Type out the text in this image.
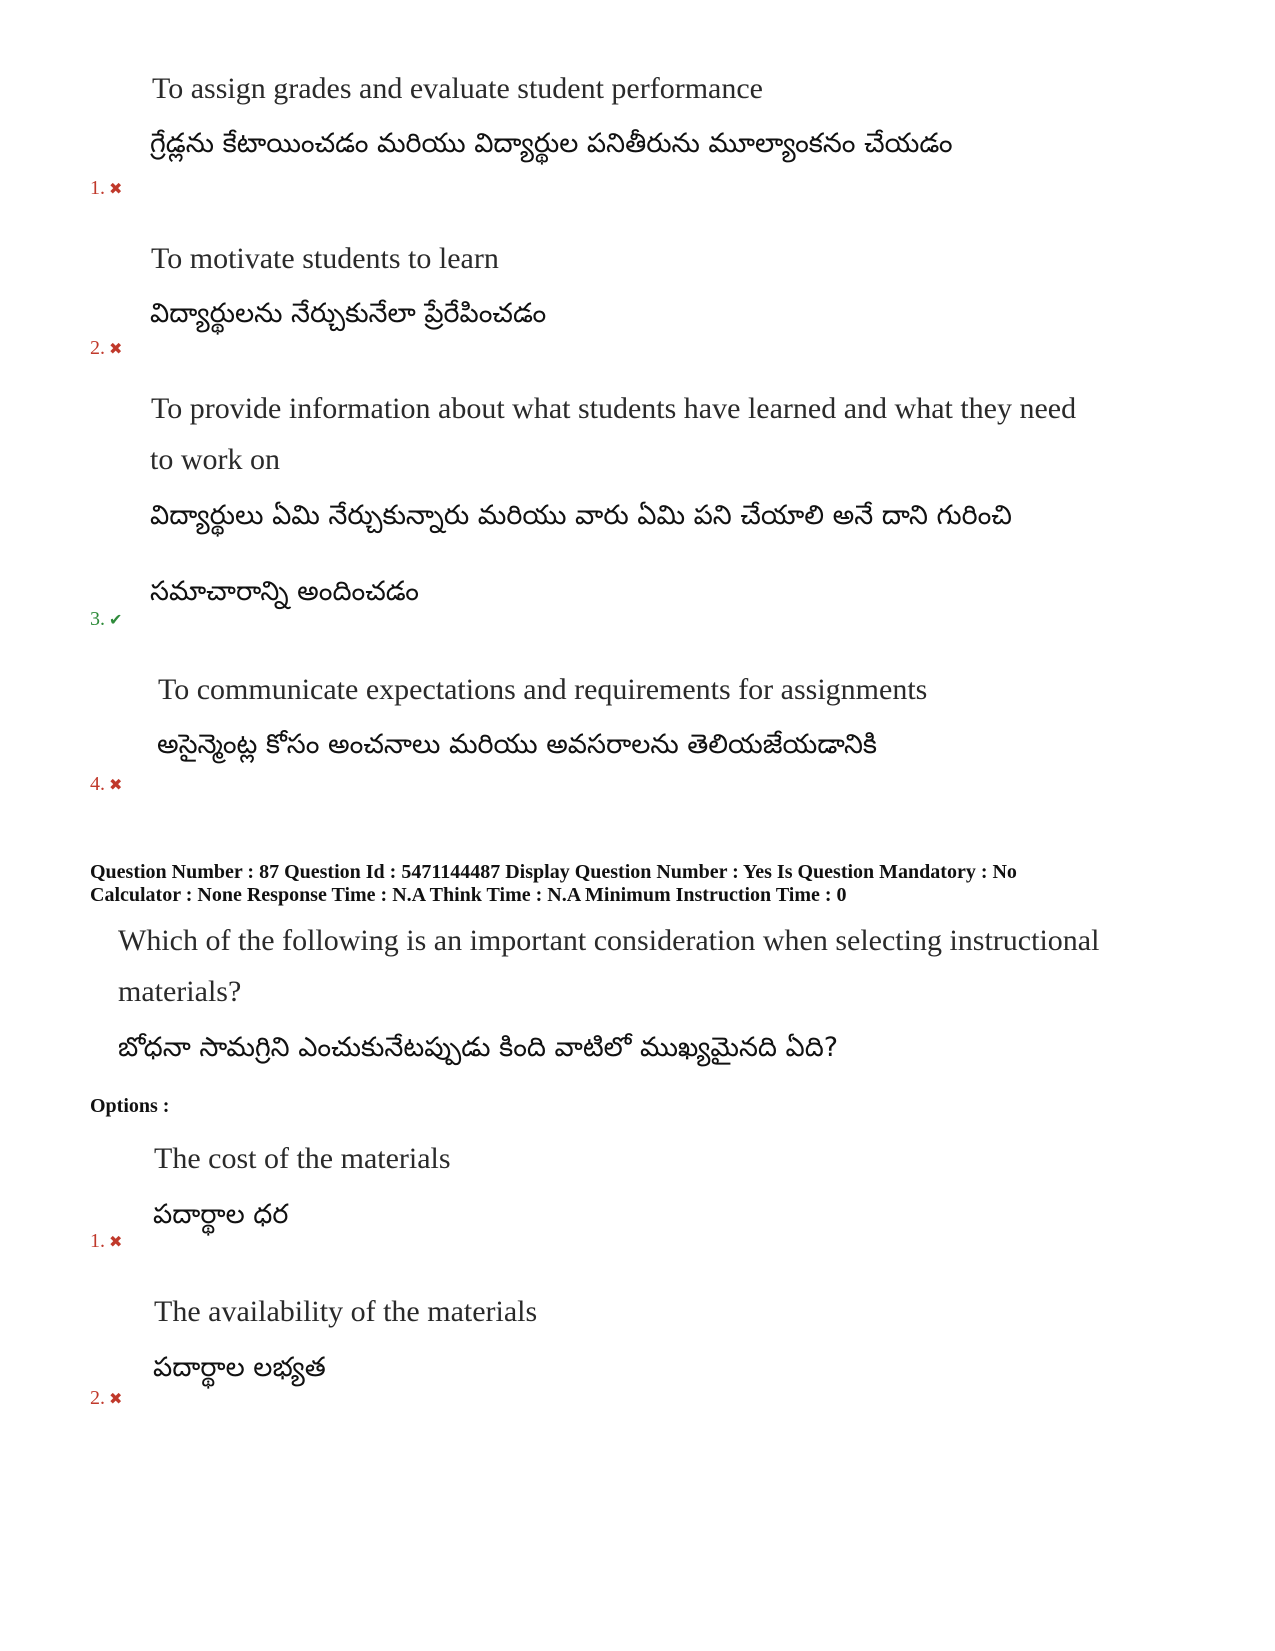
To assign grades and evaluate student performance
గ్రేడ్లను కేటాయించడం మరియు విద్యార్థుల పనితీరును మూల్యాంకనం చేయడం
1. ✖
To motivate students to learn
విద్యార్థులను నేర్చుకునేలా ప్రేరేపించడం
2. ✖
To provide information about what students have learned and what they need
to work on
విద్యార్థులు ఏమి నేర్చుకున్నారు మరియు వారు ఏమి పని చేయాలి అనే దాని గురించి
సమాచారాన్ని అందించడం
3. ✔
To communicate expectations and requirements for assignments
అసైన్మెంట్ల కోసం అంచనాలు మరియు అవసరాలను తెలియజేయడానికి
4. ✖
Question Number : 87 Question Id : 5471144487 Display Question Number : Yes Is Question Mandatory : No
Calculator : None Response Time : N.A Think Time : N.A Minimum Instruction Time : 0
Which of the following is an important consideration when selecting instructional
materials?
బోధనా సామగ్రిని ఎంచుకునేటప్పుడు కింది వాటిలో ముఖ్యమైనది ఏది?
Options :
The cost of the materials
పదార్థాల ధర
1. ✖
The availability of the materials
పదార్థాల లభ్యత
2. ✖
